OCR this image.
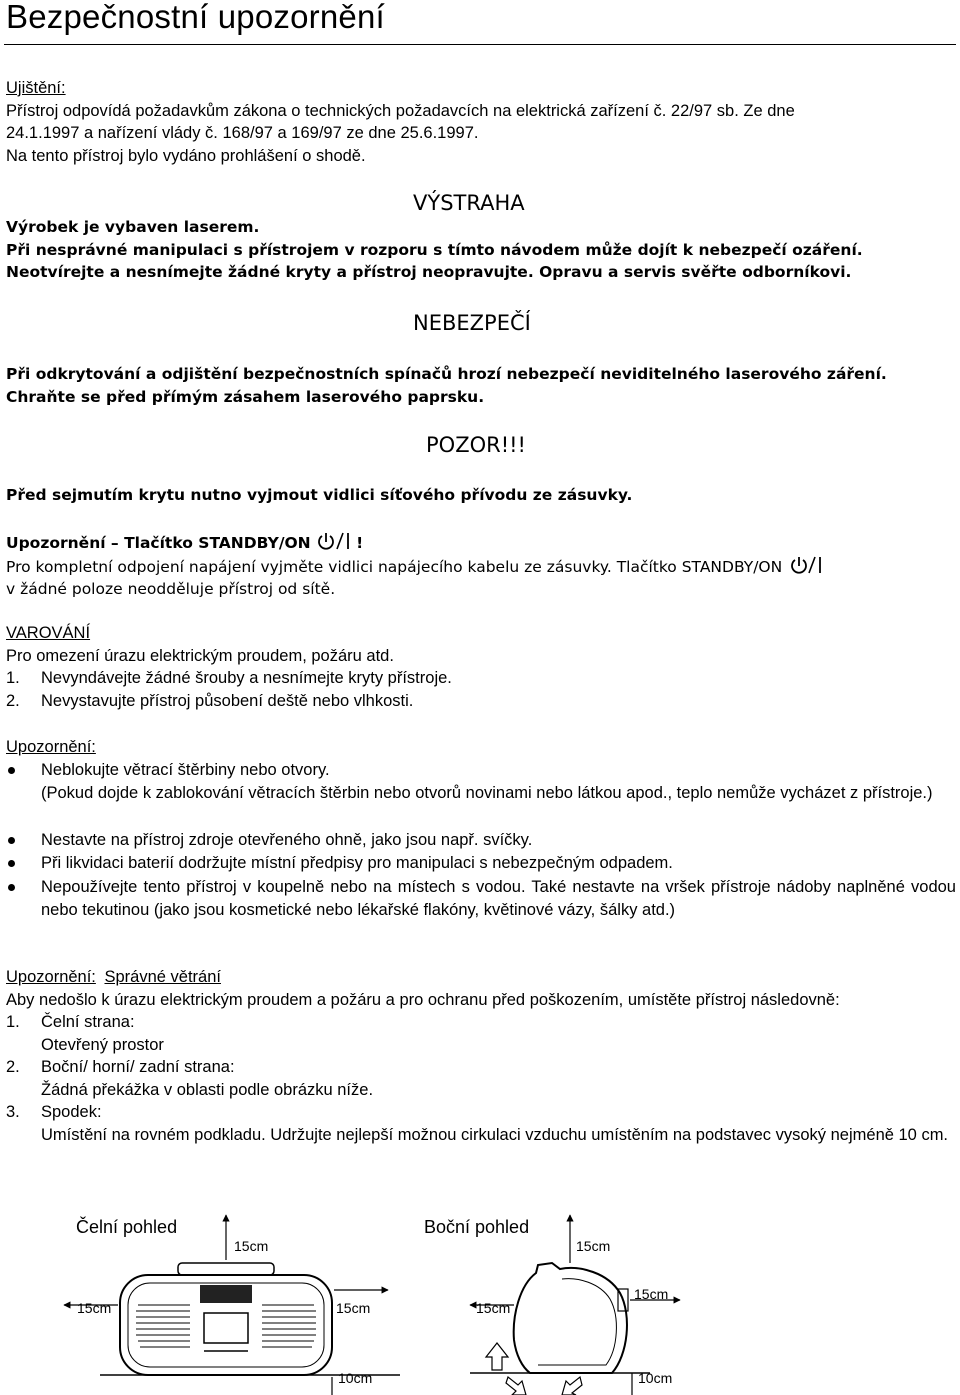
Bezpečnostní upozornění
Ujištění:
Přístroj odpovídá požadavkům zákona o technických požadavcích na elektrická zařízení č. 22/97 sb. Ze dne
24.1.1997 a nařízení vlády č. 168/97 a 169/97 ze dne 25.6.1997.
Na tento přístroj bylo vydáno prohlášení o shodě.
VÝSTRAHA
Výrobek je vybaven laserem.
Při nesprávné manipulaci s přístrojem v rozporu s tímto návodem může dojít k nebezpečí ozáření.
Neotvírejte a nesnímejte žádné kryty a přístroj neopravujte. Opravu a servis svěřte odborníkovi.
NEBEZPEČÍ
Při odkrytování a odjištění bezpečnostních spínačů hrozí nebezpečí neviditelného laserového záření.
Chraňte se před přímým zásahem laserového paprsku.
POZOR!!!
Před sejmutím krytu nutno vyjmout vidlici síťového přívodu ze zásuvky.
Upozornění – Tlačítko STANDBY/ON	!
Pro kompletní odpojení napájení vyjměte vidlici napájecího kabelu ze zásuvky. Tlačítko STANDBY/ON
v žádné poloze neodděluje přístroj od sítě.
VAROVÁNÍ
Pro omezení úrazu elektrickým proudem, požáru atd.
1. Nevyndávejte žádné šrouby a nesnímejte kryty přístroje.
2. Nevystavujte přístroj působení deště nebo vlhkosti.
Upozornění:
Neblokujte větrací štěrbiny nebo otvory.
(Pokud dojde k zablokování větracích štěrbin nebo otvorů novinami nebo látkou apod., teplo nemůže vycházet z přístroje.)
Nestavte na přístroj zdroje otevřeného ohně, jako jsou např. svíčky.
Při likvidaci baterií dodržujte místní předpisy pro manipulaci s nebezpečným odpadem.
Nepoužívejte tento přístroj v koupelně nebo na místech s vodou. Také nestavte na vršek přístroje nádoby naplněné vodou nebo tekutinou (jako jsou kosmetické nebo lékařské flakóny, květinové vázy, šálky atd.)
Upozornění: Správné větrání
Aby nedošlo k úrazu elektrickým proudem a požáru a pro ochranu před poškozením, umístěte přístroj následovně:
1. Čelní strana:
Otevřený prostor
2. Boční/ horní/ zadní strana:
Žádná překážka v oblasti podle obrázku níže.
3. Spodek:
Umístění na rovném podkladu. Udržujte nejlepší možnou cirkulaci vzduchu umístěním na podstavec vysoký nejméně 10 cm.
Čelní pohled
15cm
15cm	15cm
10cm
Boční pohled
15cm
15cm
15cm
10cm
